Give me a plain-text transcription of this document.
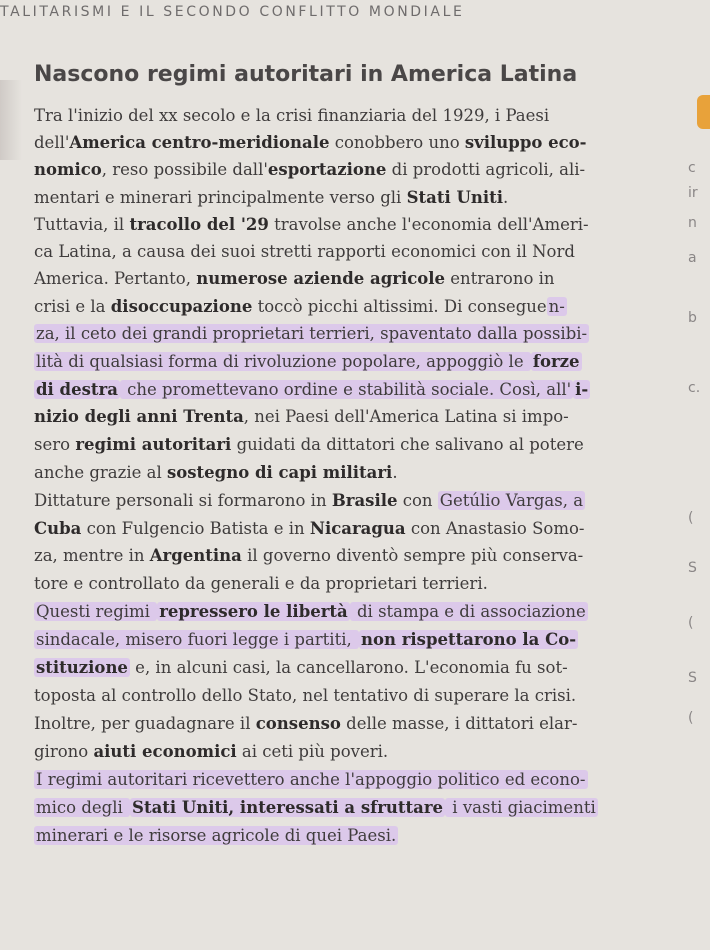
TALITARISMI E IL SECONDO CONFLITTO MONDIALE
Nascono regimi autoritari in America Latina
Tra l'inizio del xx secolo e la crisi finanziaria del 1929, i Paesi
dell'America centro-meridionale conobbero uno sviluppo eco-
nomico, reso possibile dall'esportazione di prodotti agricoli, ali-
mentari e minerari principalmente verso gli Stati Uniti.
Tuttavia, il tracollo del '29 travolse anche l'economia dell'Ameri-
ca Latina, a causa dei suoi stretti rapporti economici con il Nord
America. Pertanto, numerose aziende agricole entrarono in
crisi e la disoccupazione toccò picchi altissimi. Di consegue n-
za, il ceto dei grandi proprietari terrieri, spaventato dalla possibi-
lità di qualsiasi forma di rivoluzione popolare, appoggiò le forze
di destra che promettevano ordine e stabilità sociale. Così, all' i-
nizio degli anni Trenta, nei Paesi dell'America Latina si impo-
sero regimi autoritari guidati da dittatori che salivano al potere
anche grazie al sostegno di capi militari.
Dittature personali si formarono in Brasile con Getúlio Vargas, a
Cuba con Fulgencio Batista e in Nicaragua con Anastasio Somo-
za, mentre in Argentina il governo diventò sempre più conserva-
tore e controllato da generali e da proprietari terrieri.
Questi regimi repressero le libertà di stampa e di associazione
sindacale, misero fuori legge i partiti, non rispettarono la Co-
stituzione e, in alcuni casi, la cancellarono. L'economia fu sot-
toposta al controllo dello Stato, nel tentativo di superare la crisi.
Inoltre, per guadagnare il consenso delle masse, i dittatori elar-
girono aiuti economici ai ceti più poveri.
I regimi autoritari ricevettero anche l'appoggio politico ed econo-
mico degli Stati Uniti, interessati a sfruttare i vasti giacimenti
minerari e le risorse agricole di quei Paesi.
c
ir
n
a
b
c.
(
S
(
S
(
